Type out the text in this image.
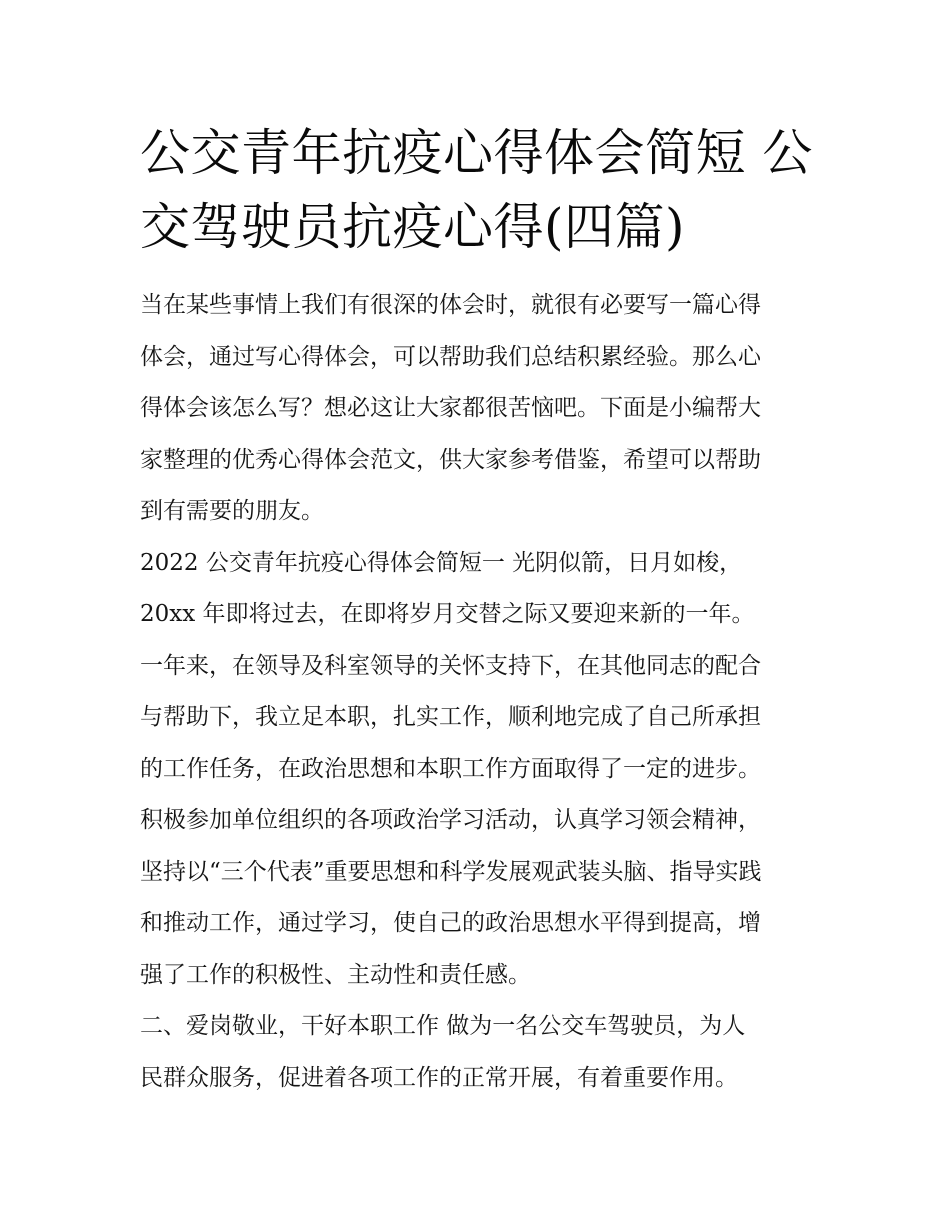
公交青年抗疫心得体会简短 公
交驾驶员抗疫心得(四篇)

当在某些事情上我们有很深的体会时，就很有必要写一篇心得
体会，通过写心得体会，可以帮助我们总结积累经验。那么心
得体会该怎么写？想必这让大家都很苦恼吧。下面是小编帮大
家整理的优秀心得体会范文，供大家参考借鉴，希望可以帮助
到有需要的朋友。

2022 公交青年抗疫心得体会简短一 光阴似箭，日月如梭，
20xx 年即将过去，在即将岁月交替之际又要迎来新的一年。
一年来，在领导及科室领导的关怀支持下，在其他同志的配合
与帮助下，我立足本职，扎实工作，顺利地完成了自己所承担
的工作任务，在政治思想和本职工作方面取得了一定的进步。
积极参加单位组织的各项政治学习活动，认真学习领会精神，
坚持以“三个代表”重要思想和科学发展观武装头脑、指导实践
和推动工作，通过学习，使自己的政治思想水平得到提高，增
强了工作的积极性、主动性和责任感。

二、爱岗敬业，干好本职工作 做为一名公交车驾驶员，为人
民群众服务，促进着各项工作的正常开展，有着重要作用。
